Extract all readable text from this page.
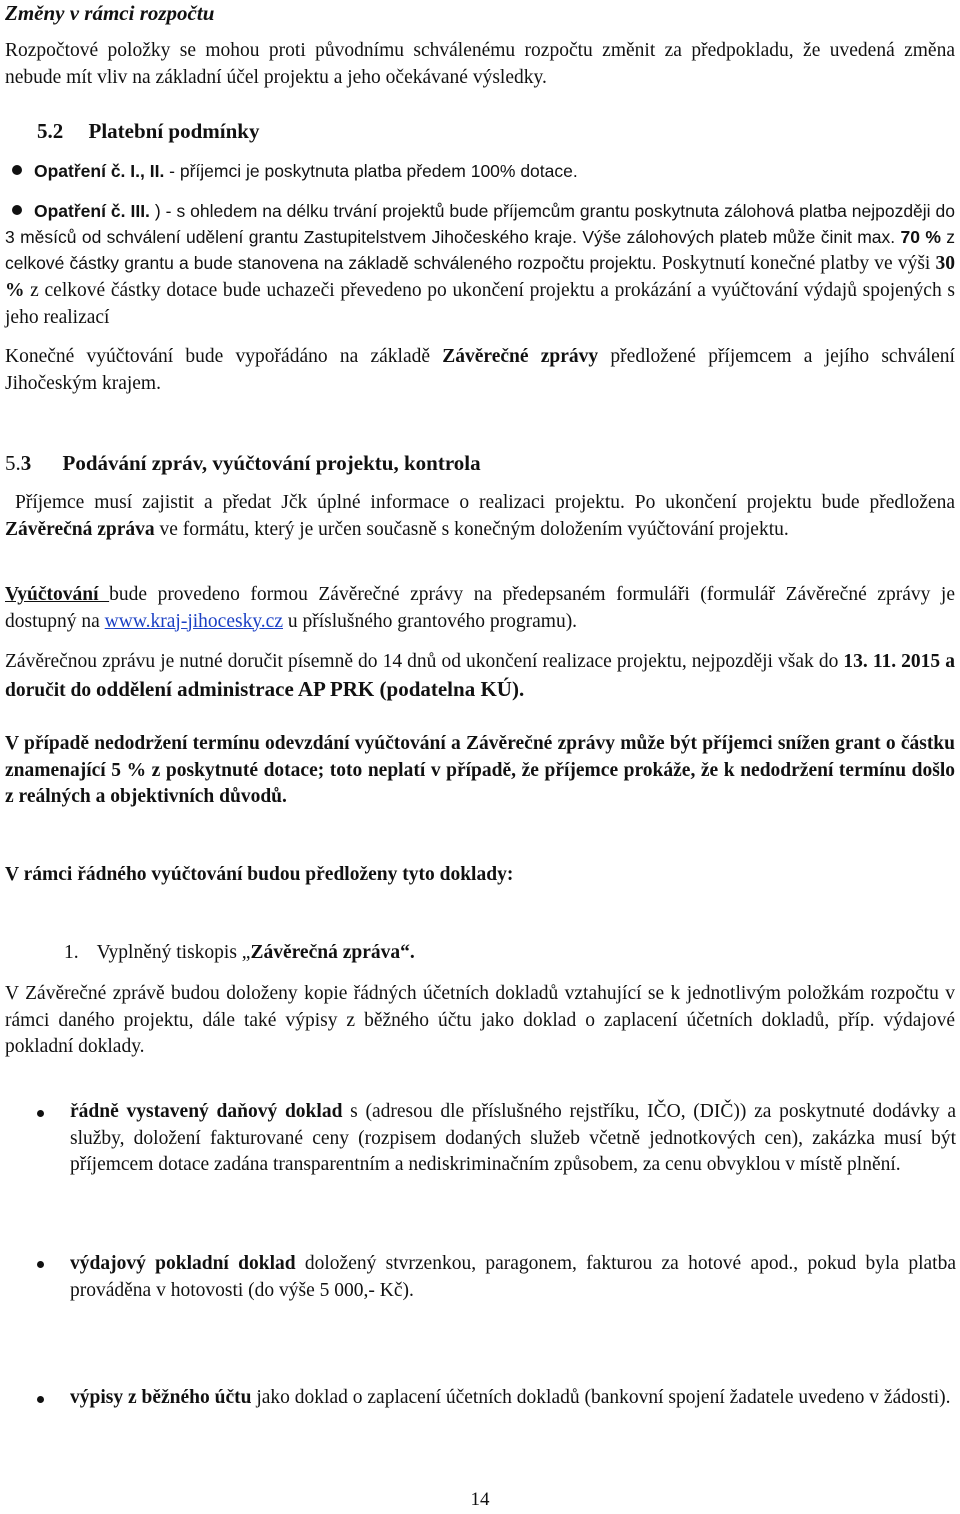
Změny v rámci rozpočtu
Rozpočtové položky se mohou proti původnímu schválenému rozpočtu změnit za předpokladu, že uvedená změna nebude mít vliv na základní účel projektu a jeho očekávané výsledky.
5.2 Platební podmínky
Opatření č. I., II. - příjemci je poskytnuta platba předem 100% dotace.
Opatření č. III. ) - s ohledem na délku trvání projektů bude příjemcům grantu poskytnuta zálohová platba nejpozději do 3 měsíců od schválení udělení grantu Zastupitelstvem Jihočeského kraje. Výše zálohových plateb může činit max. 70 % z celkové částky grantu a bude stanovena na základě schváleného rozpočtu projektu. Poskytnutí konečné platby ve výši 30 % z celkové částky dotace bude uchazeči převedeno po ukončení projektu a prokázání a vyúčtování výdajů spojených s jeho realizací
Konečné vyúčtování bude vypořádáno na základě Závěrečné zprávy předložené příjemcem a jejího schválení Jihočeským krajem.
5.3 Podávání zpráv, vyúčtování projektu, kontrola
Příjemce musí zajistit a předat Jčk úplné informace o realizaci projektu. Po ukončení projektu bude předložena Závěrečná zpráva ve formátu, který je určen současně s konečným doložením vyúčtování projektu.
Vyúčtování bude provedeno formou Závěrečné zprávy na předepsaném formuláři (formulář Závěrečné zprávy je dostupný na www.kraj-jihocesky.cz u příslušného grantového programu).
Závěrečnou zprávu je nutné doručit písemně do 14 dnů od ukončení realizace projektu, nejpozději však do 13. 11. 2015 a doručit do oddělení administrace AP PRK (podatelna KÚ).
V případě nedodržení termínu odevzdání vyúčtování a Závěrečné zprávy může být příjemci snížen grant o částku znamenající 5 % z poskytnuté dotace; toto neplatí v případě, že příjemce prokáže, že k nedodržení termínu došlo z reálných a objektivních důvodů.
V rámci řádného vyúčtování budou předloženy tyto doklady:
1. Vyplněný tiskopis „Závěrečná zpráva“.
V Závěrečné zprávě budou doloženy kopie řádných účetních dokladů vztahující se k jednotlivým položkám rozpočtu v rámci daného projektu, dále také výpisy z běžného účtu jako doklad o zaplacení účetních dokladů, příp. výdajové pokladní doklady.
řádně vystavený daňový doklad s (adresou dle příslušného rejstříku, IČO, (DIČ)) za poskytnuté dodávky a služby, doložení fakturované ceny (rozpisem dodaných služeb včetně jednotkových cen), zakázka musí být příjemcem dotace zadána transparentním a nediskriminačním způsobem, za cenu obvyklou v místě plnění.
výdajový pokladní doklad doložený stvrzenkou, paragonem, fakturou za hotové apod., pokud byla platba prováděna v hotovosti (do výše 5 000,- Kč).
výpisy z běžného účtu jako doklad o zaplacení účetních dokladů (bankovní spojení žadatele uvedeno v žádosti).
14
